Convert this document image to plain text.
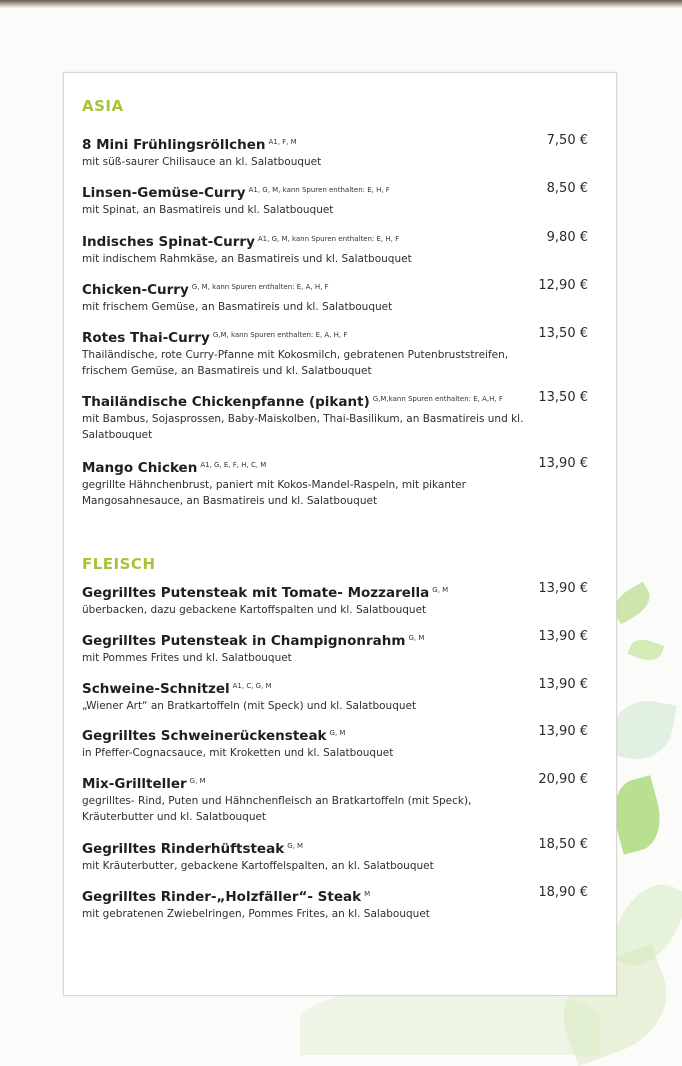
ASIA
8 Mini Frühlingsröllchen $^{A1, F, M}$
mit süß-saurer Chilisauce an kl. Salatbouquet
7,50 €
Linsen-Gemüse-Curry $^{A1, G, M, kann Spuren enthalten: E, H, F}$
mit Spinat, an Basmatireis und kl. Salatbouquet
8,50 €
Indisches Spinat-Curry $^{A1, G, M, kann Spuren enthalten: E, H, F}$
mit indischem Rahmkäse, an Basmatireis und kl. Salatbouquet
9,80 €
Chicken-Curry $^{G, M, kann Spuren enthalten: E, A, H, F}$
mit frischem Gemüse, an Basmatireis und kl. Salatbouquet
12,90 €
Rotes Thai-Curry $^{G,M, kann Spuren enthalten: E, A, H, F}$
Thailändische, rote Curry-Pfanne mit Kokosmilch, gebratenen Putenbruststreifen, frischem Gemüse, an Basmatireis und kl. Salatbouquet
13,50 €
Thailändische Chickenpfanne (pikant) $^{G,M,kann Spuren enthalten: E, A,H, F}$
mit Bambus, Sojasprossen, Baby-Maiskolben, Thai-Basilikum, an Basmatireis und kl. Salatbouquet
13,50 €
Mango Chicken $^{A1, G, E, F, H, C, M}$
gegrillte Hähnchenbrust, paniert mit Kokos-Mandel-Raspeln, mit pikanter Mangosahnesauce, an Basmatireis und kl. Salatbouquet
13,90 €
FLEISCH
Gegrilltes Putensteak mit Tomate- Mozzarella $^{G, M}$
überbacken, dazu gebackene Kartoffspalten und kl. Salatbouquet
13,90 €
Gegrilltes Putensteak in Champignonrahm $^{G, M}$
mit Pommes Frites und kl. Salatbouquet
13,90 €
Schweine-Schnitzel $^{A1, C, G, M}$
„Wiener Art“ an Bratkartoffeln (mit Speck) und kl. Salatbouquet
13,90 €
Gegrilltes Schweinerückensteak $^{G, M}$
in Pfeffer-Cognacsauce, mit Kroketten und kl. Salatbouquet
13,90 €
Mix-Grillteller $^{G, M}$
gegrilltes- Rind, Puten und Hähnchenfleisch an Bratkartoffeln (mit Speck), Kräuterbutter und kl. Salatbouquet
20,90 €
Gegrilltes Rinderhüftsteak $^{G, M}$
mit Kräuterbutter, gebackene Kartoffelspalten, an kl. Salatbouquet
18,50 €
Gegrilltes Rinder-„Holzfäller“- Steak $^M$
mit gebratenen Zwiebelringen, Pommes Frites, an kl. Salabouquet
18,90 €
